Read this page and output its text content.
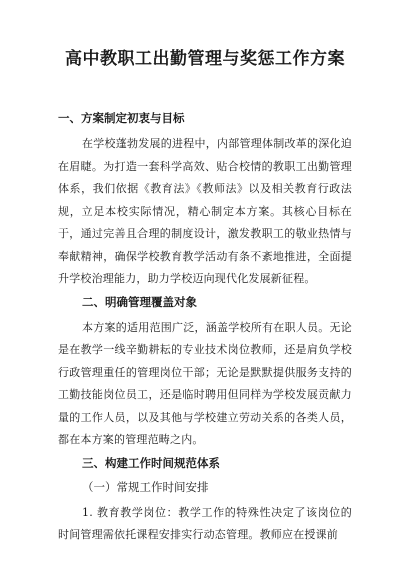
高中教职工出勤管理与奖惩工作方案
一、方案制定初衷与目标

在学校蓬勃发展的进程中，内部管理体制改革的深化迫在眉睫。为打造一套科学高效、贴合校情的教职工出勤管理体系，我们依据《教育法》《教师法》以及相关教育行政法规，立足本校实际情况，精心制定本方案。其核心目标在于，通过完善且合理的制度设计，激发教职工的敬业热情与奉献精神，确保学校教育教学活动有条不紊地推进，全面提升学校治理能力，助力学校迈向现代化发展新征程。

二、明确管理覆盖对象

本方案的适用范围广泛，涵盖学校所有在职人员。无论是在教学一线辛勤耕耘的专业技术岗位教师，还是肩负学校行政管理重任的管理岗位干部；无论是默默提供服务支持的工勤技能岗位员工，还是临时聘用但同样为学校发展贡献力量的工作人员，以及其他与学校建立劳动关系的各类人员，都在本方案的管理范畴之内。

三、构建工作时间规范体系
（一）常规工作时间安排

1. 教育教学岗位：教学工作的特殊性决定了该岗位的时间管理需依托课程安排实行动态管理。教师应在授课前
